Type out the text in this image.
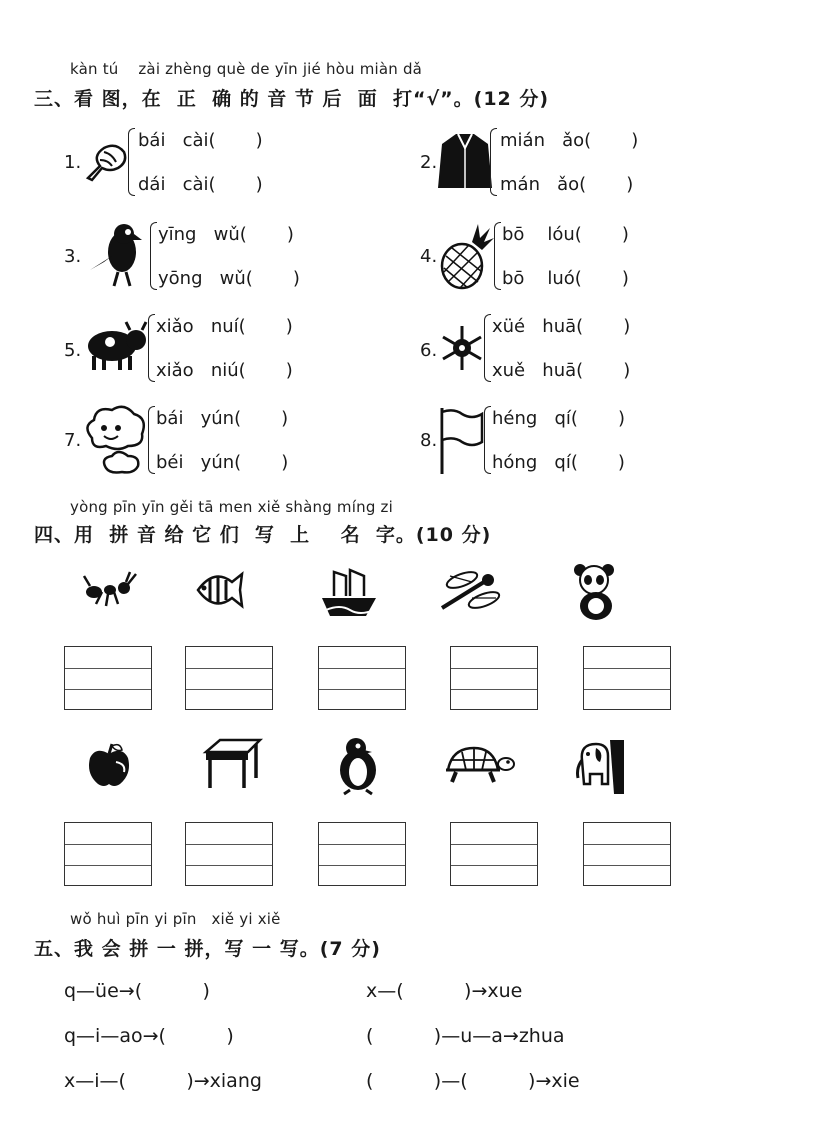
kàn tú    zài zhèng què de yīn jié hòu miàn dǎ
三、看 图，在  正  确 的 音 节 后  面  打“√”。(12 分)
1.
bái   cài(       )
dái   cài(       )
2.
mián   ǎo(       )
mán   ǎo(       )
3.
yīng   wǔ(       )
yōng   wǔ(       )
4.
bō    lóu(       )
bō    luó(       )
5.
xiǎo   nuí(       )
xiǎo   niú(       )
6.
xüé   huā(       )
xuě   huā(       )
7.
bái   yún(       )
béi   yún(       )
8.
héng   qí(       )
hóng   qí(       )
yòng pīn yīn gěi tā men xiě shàng míng zi
四、用  拼 音 给 它 们  写  上    名  字。(10 分)
wǒ huì pīn yi pīn   xiě yi xiě
五、我 会 拼 一 拼，写 一 写。(7 分)
q—üe→(          )	x—(          )→xue
q—i—ao→(          )	(          )—u—a→zhua
x—i—(          )→xiang	(          )—(          )→xie
